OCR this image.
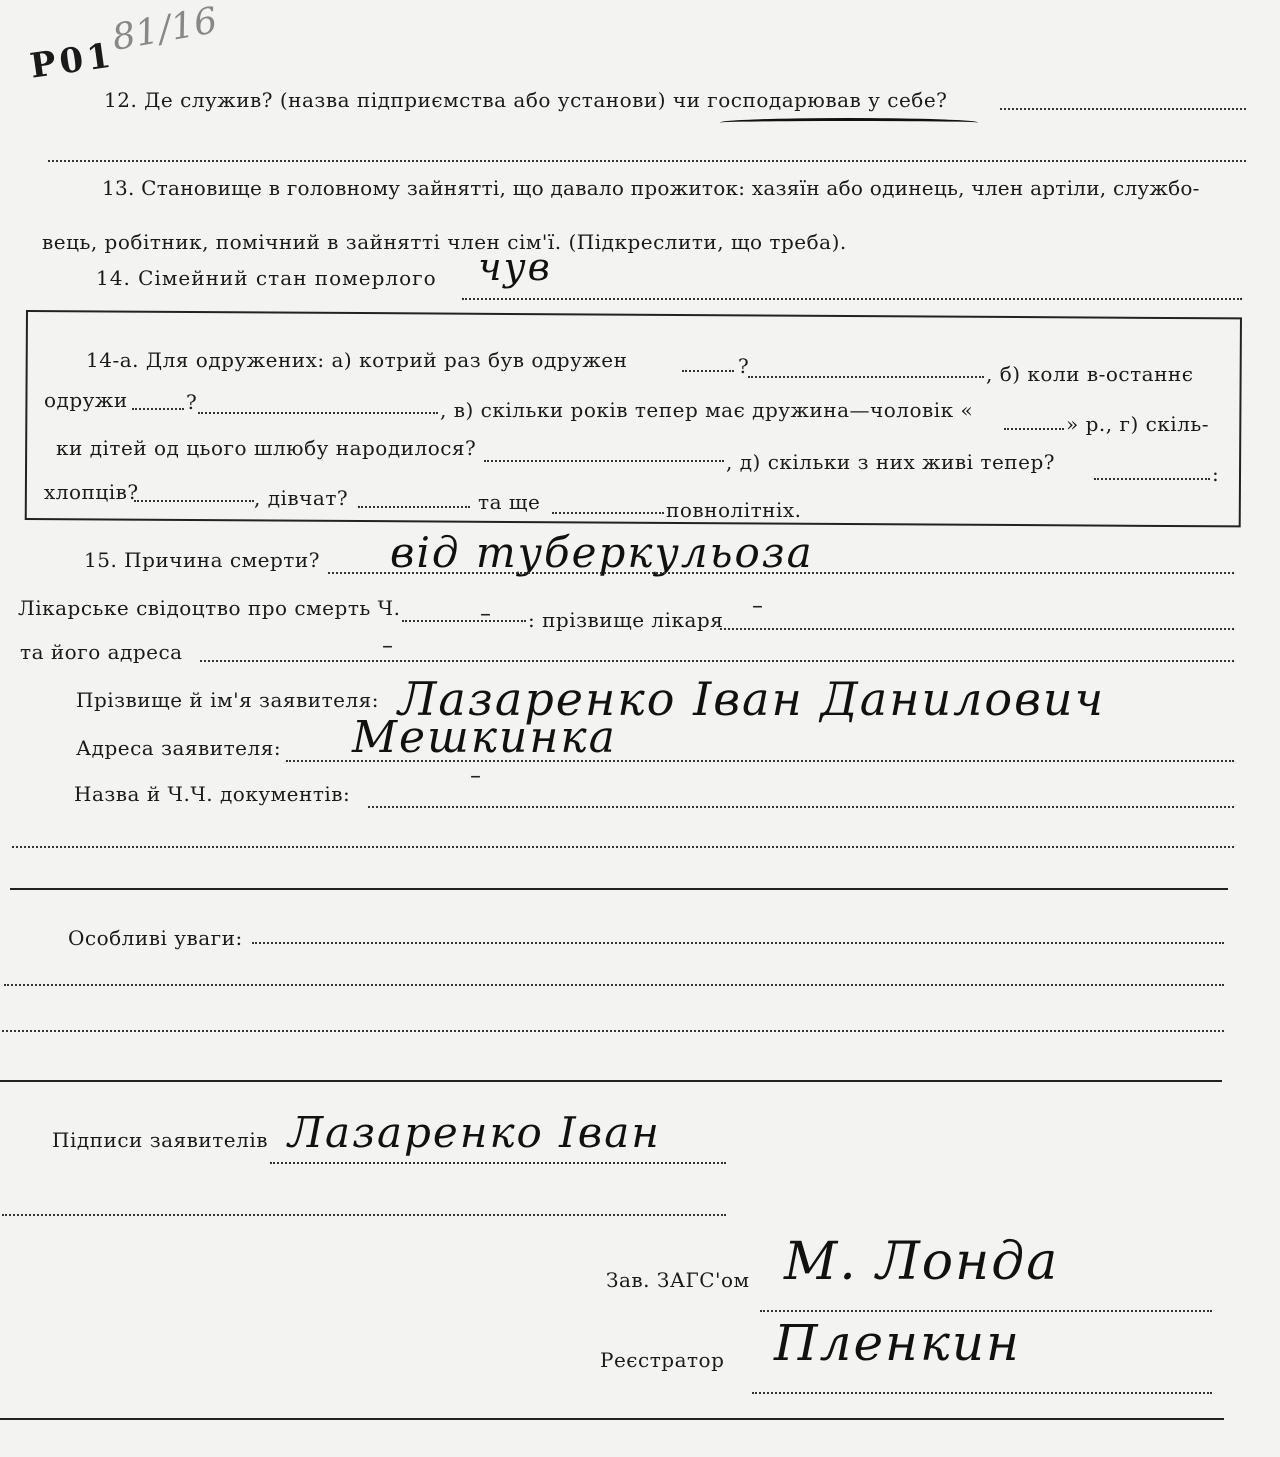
Р01
81/16
12. Де служив? (назва підприємства або установи) чи господарював у себе?
13. Становище в головному зайнятті, що давало прожиток: хазяїн або одинець, член артіли, службо-
вець, робітник, помічний в зайнятті член сім'ї. (Підкреслити, що треба).
14. Сімейний стан померлого чув
14-а. Для одружених: а) котрий раз був одружен	?	, б) коли в-останнє
одружи	?	, в) скільки років тепер має дружина—чоловік «
» р., г) скіль-
ки дітей од цього шлюбу народилося?
, д) скільки з них живі тепер?	:
хлопців?	, дівчат?	та ще	повнолітніх.
15. Причина смерти? від туберкульоза
Лікарське свідоцтво про смерть Ч.	– : прізвище лікаря
–
та його адреса	–
Прізвище й ім'я заявителя: Лазаренко Іван Данилович
Адреса заявителя: Мешкинка
Назва й Ч.Ч. документів:
–
Особливі уваги:
Підписи заявителів Лазаренко Іван
Зав. ЗАГС'ом М. Лонда
Реєстратор Пленкин
